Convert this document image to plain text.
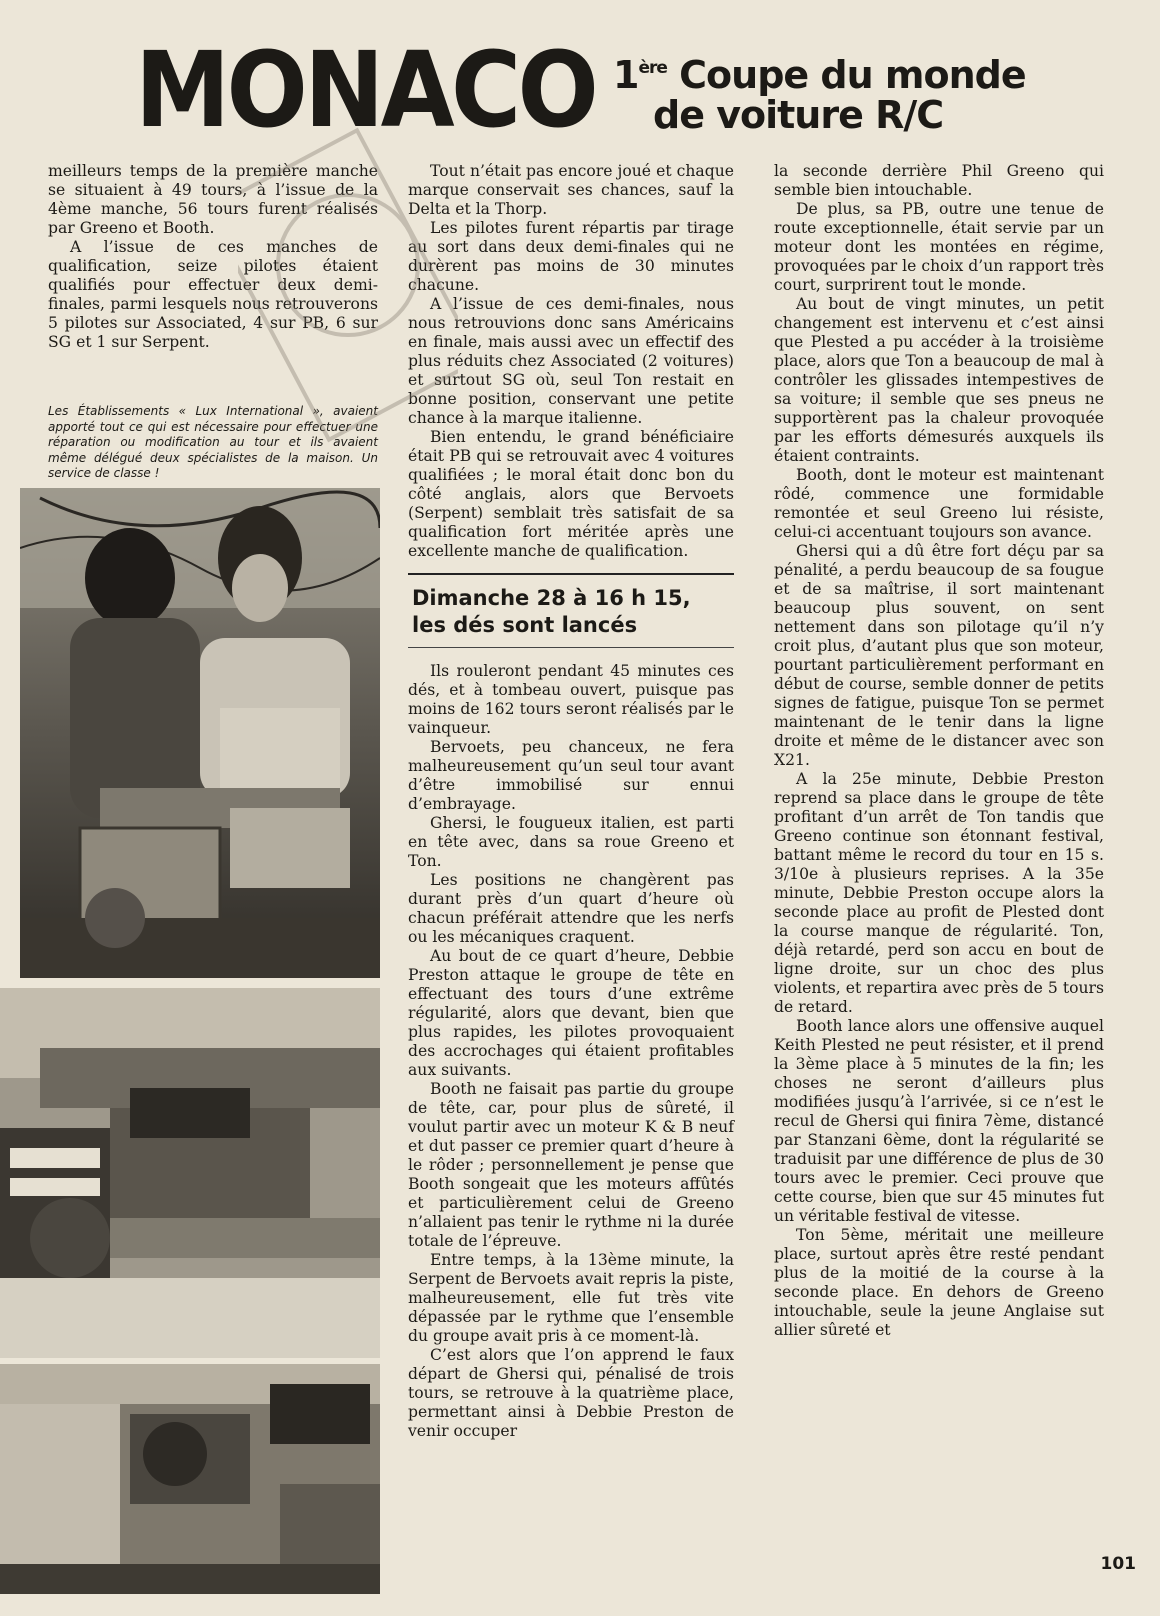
MONACO 1ère Coupe du monde
de voiture R/C

meilleurs temps de la première manche se situaient à 49 tours, à l’issue de la 4ème manche, 56 tours furent réalisés par Greeno et Booth.

A l’issue de ces manches de qualification, seize pilotes étaient qualifiés pour effectuer deux demi-finales, parmi lesquels nous retrouverons 5 pilotes sur Associated, 4 sur PB, 6 sur SG et 1 sur Serpent.

Les Établissements « Lux International », avaient apporté tout ce qui est nécessaire pour effectuer une réparation ou modification au tour et ils avaient même délégué deux spécialistes de la maison. Un service de classe !

Tout n’était pas encore joué et chaque marque conservait ses chances, sauf la Delta et la Thorp.

Les pilotes furent répartis par tirage au sort dans deux demi-finales qui ne durèrent pas moins de 30 minutes chacune.

A l’issue de ces demi-finales, nous nous retrouvions donc sans Américains en finale, mais aussi avec un effectif des plus réduits chez Associated (2 voitures) et surtout SG où, seul Ton restait en bonne position, conservant une petite chance à la marque italienne.

Bien entendu, le grand bénéficiaire était PB qui se retrouvait avec 4 voitures qualifiées ; le moral était donc bon du côté anglais, alors que Bervoets (Serpent) semblait très satisfait de sa qualification fort méritée après une excellente manche de qualification.

Dimanche 28 à 16 h 15,
les dés sont lancés

Ils rouleront pendant 45 minutes ces dés, et à tombeau ouvert, puisque pas moins de 162 tours seront réalisés par le vainqueur.

Bervoets, peu chanceux, ne fera malheureusement qu’un seul tour avant d’être immobilisé sur ennui d’embrayage.

Ghersi, le fougueux italien, est parti en tête avec, dans sa roue Greeno et Ton.

Les positions ne changèrent pas durant près d’un quart d’heure où chacun préférait attendre que les nerfs ou les mécaniques craquent.

Au bout de ce quart d’heure, Debbie Preston attaque le groupe de tête en effectuant des tours d’une extrême régularité, alors que devant, bien que plus rapides, les pilotes provoquaient des accrochages qui étaient profitables aux suivants.

Booth ne faisait pas partie du groupe de tête, car, pour plus de sûreté, il voulut partir avec un moteur K & B neuf et dut passer ce premier quart d’heure à le rôder ; personnellement je pense que Booth songeait que les moteurs affûtés et particulièrement celui de Greeno n’allaient pas tenir le rythme ni la durée totale de l’épreuve.

Entre temps, à la 13ème minute, la Serpent de Bervoets avait repris la piste, malheureusement, elle fut très vite dépassée par le rythme que l’ensemble du groupe avait pris à ce moment-là.

C’est alors que l’on apprend le faux départ de Ghersi qui, pénalisé de trois tours, se retrouve à la quatrième place, permettant ainsi à Debbie Preston de venir occuper

la seconde derrière Phil Greeno qui semble bien intouchable.

De plus, sa PB, outre une tenue de route exceptionnelle, était servie par un moteur dont les montées en régime, provoquées par le choix d’un rapport très court, surprirent tout le monde.

Au bout de vingt minutes, un petit changement est intervenu et c’est ainsi que Plested a pu accéder à la troisième place, alors que Ton a beaucoup de mal à contrôler les glissades intempestives de sa voiture; il semble que ses pneus ne supportèrent pas la chaleur provoquée par les efforts démesurés auxquels ils étaient contraints.

Booth, dont le moteur est maintenant rôdé, commence une formidable remontée et seul Greeno lui résiste, celui-ci accentuant toujours son avance.

Ghersi qui a dû être fort déçu par sa pénalité, a perdu beaucoup de sa fougue et de sa maîtrise, il sort maintenant beaucoup plus souvent, on sent nettement dans son pilotage qu’il n’y croit plus, d’autant plus que son moteur, pourtant particulièrement performant en début de course, semble donner de petits signes de fatigue, puisque Ton se permet maintenant de le tenir dans la ligne droite et même de le distancer avec son X21.

A la 25e minute, Debbie Preston reprend sa place dans le groupe de tête profitant d’un arrêt de Ton tandis que Greeno continue son étonnant festival, battant même le record du tour en 15 s. 3/10e à plusieurs reprises. A la 35e minute, Debbie Preston occupe alors la seconde place au profit de Plested dont la course manque de régularité. Ton, déjà retardé, perd son accu en bout de ligne droite, sur un choc des plus violents, et repartira avec près de 5 tours de retard.

Booth lance alors une offensive auquel Keith Plested ne peut résister, et il prend la 3ème place à 5 minutes de la fin; les choses ne seront d’ailleurs plus modifiées jusqu’à l’arrivée, si ce n’est le recul de Ghersi qui finira 7ème, distancé par Stanzani 6ème, dont la régularité se traduisit par une différence de plus de 30 tours avec le premier. Ceci prouve que cette course, bien que sur 45 minutes fut un véritable festival de vitesse.

Ton 5ème, méritait une meilleure place, surtout après être resté pendant plus de la moitié de la course à la seconde place. En dehors de Greeno intouchable, seule la jeune Anglaise sut allier sûreté et

101
